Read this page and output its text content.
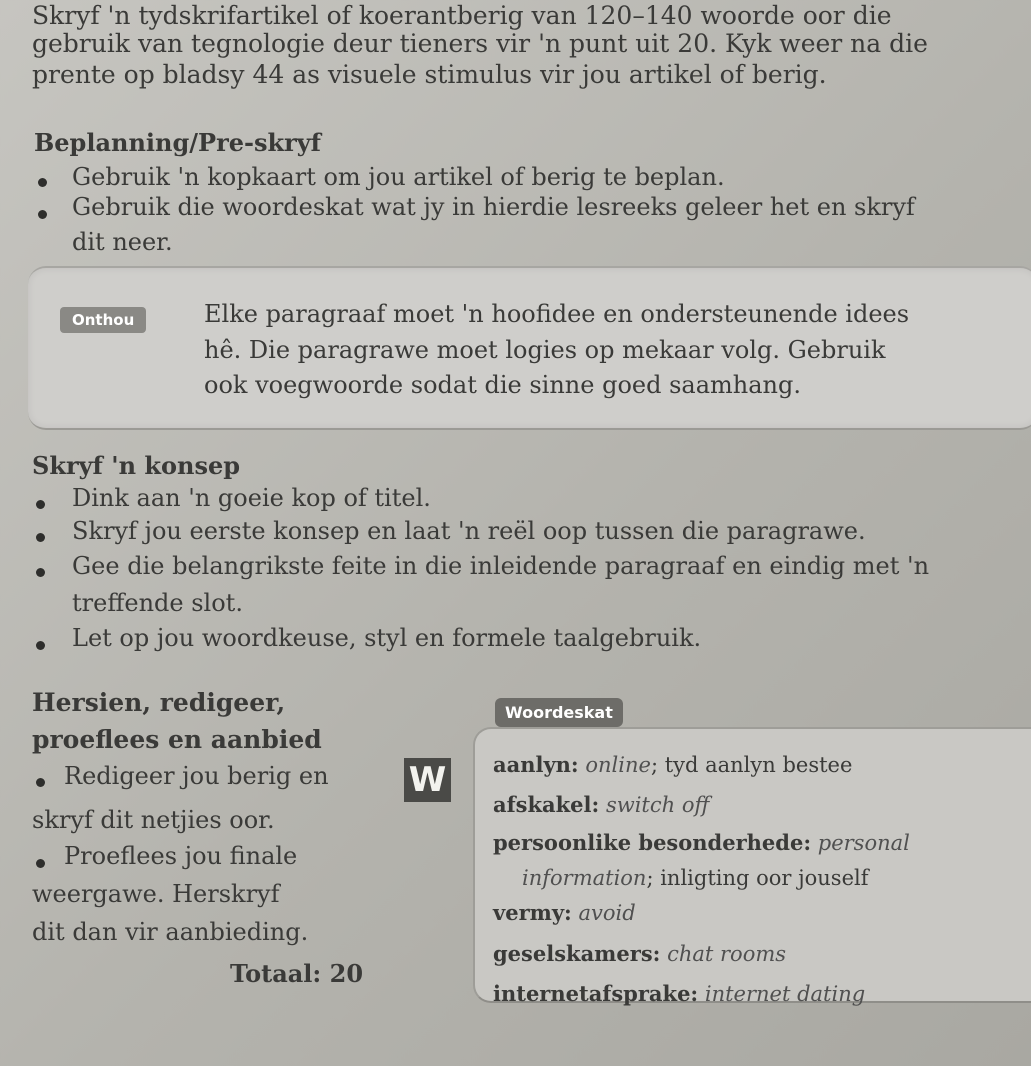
Skryf 'n tydskrifartikel of koerantberig van 120–140 woorde oor die
gebruik van tegnologie deur tieners vir 'n punt uit 20. Kyk weer na die
prente op bladsy 44 as visuele stimulus vir jou artikel of berig.
Beplanning/Pre-skryf
Gebruik 'n kopkaart om jou artikel of berig te beplan.
Gebruik die woordeskat wat jy in hierdie lesreeks geleer het en skryf
dit neer.
Onthou	Elke paragraaf moet 'n hoofidee en ondersteunende idees
hê. Die paragrawe moet logies op mekaar volg. Gebruik
ook voegwoorde sodat die sinne goed saamhang.
Skryf 'n konsep
Dink aan 'n goeie kop of titel.
Skryf jou eerste konsep en laat 'n reël oop tussen die paragrawe.
Gee die belangrikste feite in die inleidende paragraaf en eindig met 'n
treffende slot.
Let op jou woordkeuse, styl en formele taalgebruik.
Hersien, redigeer,
proeflees en aanbied
Redigeer jou berig en
skryf dit netjies oor.
Proeflees jou finale
weergawe. Herskryf
dit dan vir aanbieding.
Totaal: 20
Woordeskat
W aanlyn: online; tyd aanlyn bestee
afskakel: switch off
persoonlike besonderhede: personal
information; inligting oor jouself
vermy: avoid
geselskamers: chat rooms
internetafsprake: internet dating
